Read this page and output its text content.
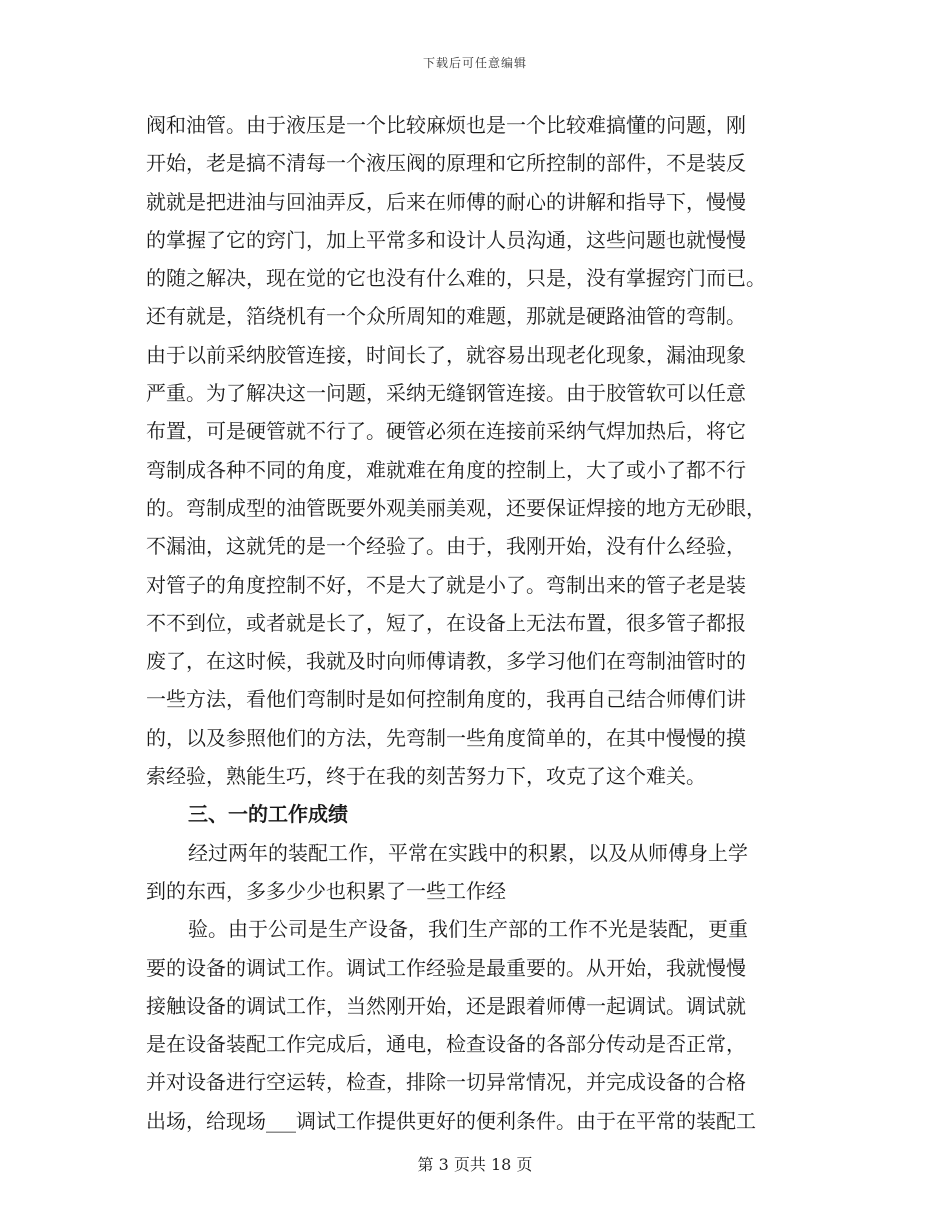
下载后可任意编辑
阀和油管。由于液压是一个比较麻烦也是一个比较难搞懂的问题，刚
开始，老是搞不清每一个液压阀的原理和它所控制的部件，不是装反
就就是把进油与回油弄反，后来在师傅的耐心的讲解和指导下，慢慢
的掌握了它的窍门，加上平常多和设计人员沟通，这些问题也就慢慢
的随之解决，现在觉的它也没有什么难的，只是，没有掌握窍门而已。
还有就是，箔绕机有一个众所周知的难题，那就是硬路油管的弯制。
由于以前采纳胶管连接，时间长了，就容易出现老化现象，漏油现象
严重。为了解决这一问题，采纳无缝钢管连接。由于胶管软可以任意
布置，可是硬管就不行了。硬管必须在连接前采纳气焊加热后，将它
弯制成各种不同的角度，难就难在角度的控制上，大了或小了都不行
的。弯制成型的油管既要外观美丽美观，还要保证焊接的地方无砂眼，
不漏油，这就凭的是一个经验了。由于，我刚开始，没有什么经验，
对管子的角度控制不好，不是大了就是小了。弯制出来的管子老是装
不不到位，或者就是长了，短了，在设备上无法布置，很多管子都报
废了，在这时候，我就及时向师傅请教，多学习他们在弯制油管时的
一些方法，看他们弯制时是如何控制角度的，我再自己结合师傅们讲
的，以及参照他们的方法，先弯制一些角度简单的，在其中慢慢的摸
索经验，熟能生巧，终于在我的刻苦努力下，攻克了这个难关。
三、一的工作成绩
经过两年的装配工作，平常在实践中的积累，以及从师傅身上学
到的东西，多多少少也积累了一些工作经
验。由于公司是生产设备，我们生产部的工作不光是装配，更重
要的设备的调试工作。调试工作经验是最重要的。从开始，我就慢慢
接触设备的调试工作，当然刚开始，还是跟着师傅一起调试。调试就
是在设备装配工作完成后，通电，检查设备的各部分传动是否正常，
并对设备进行空运转，检查，排除一切异常情况，并完成设备的合格
出场，给现场___调试工作提供更好的便利条件。由于在平常的装配工
第 3 页共 18 页
